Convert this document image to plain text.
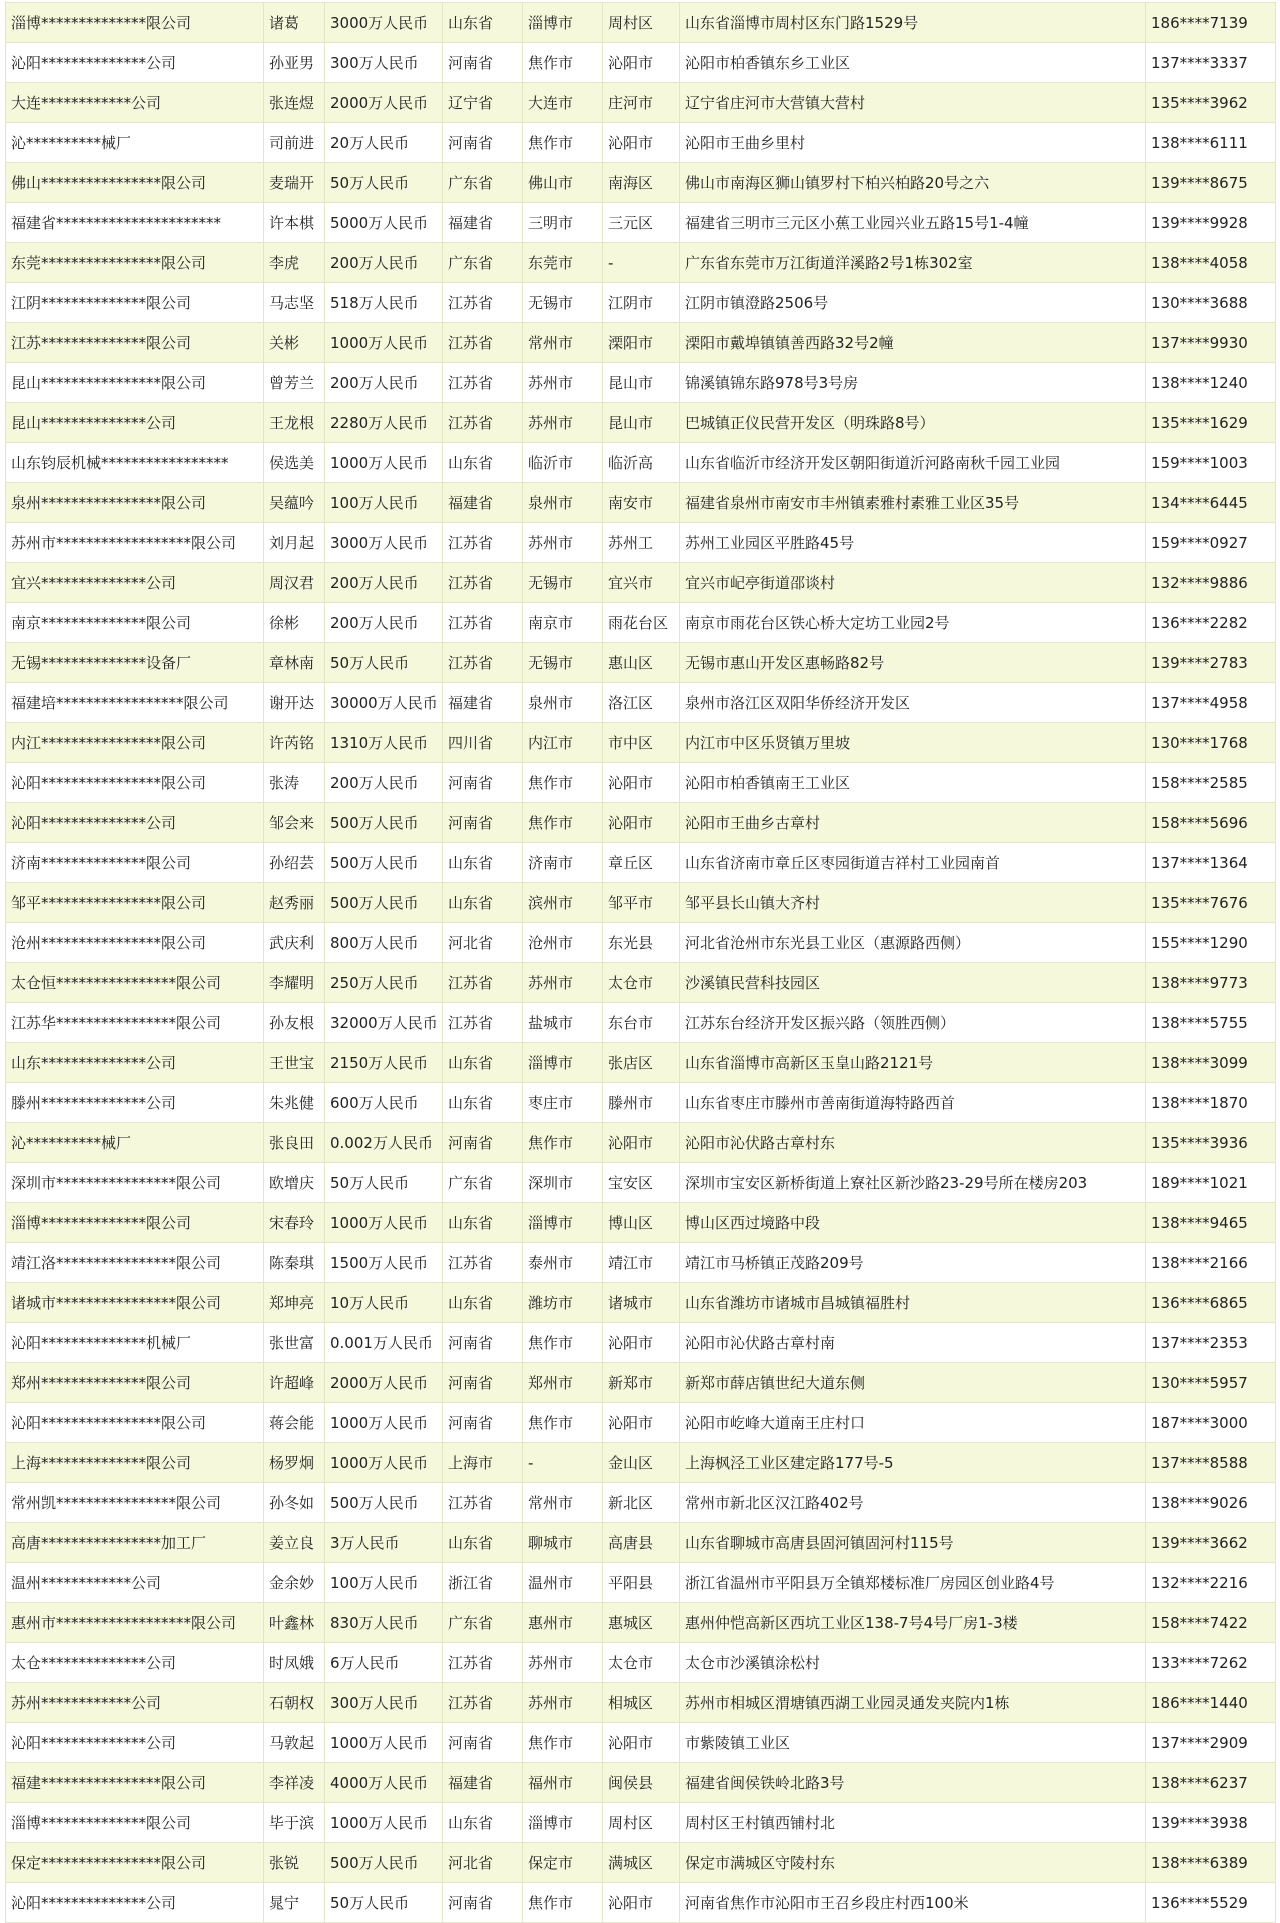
淄博**************限公司	诸葛	3000万人民币	山东省	淄博市	周村区	山东省淄博市周村区东门路1529号	186****7139
沁阳**************公司	孙亚男	300万人民币	河南省	焦作市	沁阳市	沁阳市柏香镇东乡工业区	137****3337
大连************公司	张连煜	2000万人民币	辽宁省	大连市	庄河市	辽宁省庄河市大营镇大营村	135****3962
沁**********械厂	司前进	20万人民币	河南省	焦作市	沁阳市	沁阳市王曲乡里村	138****6111
佛山****************限公司	麦瑞开	50万人民币	广东省	佛山市	南海区	佛山市南海区狮山镇罗村下柏兴柏路20号之六	139****8675
福建省**********************	许本棋	5000万人民币	福建省	三明市	三元区	福建省三明市三元区小蕉工业园兴业五路15号1-4幢	139****9928
东莞****************限公司	李虎	200万人民币	广东省	东莞市	-	广东省东莞市万江街道洋溪路2号1栋302室	138****4058
江阴**************限公司	马志坚	518万人民币	江苏省	无锡市	江阴市	江阴市镇澄路2506号	130****3688
江苏**************限公司	关彬	1000万人民币	江苏省	常州市	溧阳市	溧阳市戴埠镇镇善西路32号2幢	137****9930
昆山****************限公司	曾芳兰	200万人民币	江苏省	苏州市	昆山市	锦溪镇锦东路978号3号房	138****1240
昆山**************公司	王龙根	2280万人民币	江苏省	苏州市	昆山市	巴城镇正仪民营开发区（明珠路8号）	135****1629
山东钧辰机械*****************	侯选美	1000万人民币	山东省	临沂市	临沂高	山东省临沂市经济开发区朝阳街道沂河路南秋千园工业园	159****1003
泉州****************限公司	吴蕴吟	100万人民币	福建省	泉州市	南安市	福建省泉州市南安市丰州镇素雅村素雅工业区35号	134****6445
苏州市******************限公司	刘月起	3000万人民币	江苏省	苏州市	苏州工	苏州工业园区平胜路45号	159****0927
宜兴**************公司	周汉君	200万人民币	江苏省	无锡市	宜兴市	宜兴市屺亭街道邵谈村	132****9886
南京**************限公司	徐彬	200万人民币	江苏省	南京市	雨花台区	南京市雨花台区铁心桥大定坊工业园2号	136****2282
无锡**************设备厂	章林南	50万人民币	江苏省	无锡市	惠山区	无锡市惠山开发区惠畅路82号	139****2783
福建培*****************限公司	谢开达	30000万人民币	福建省	泉州市	洛江区	泉州市洛江区双阳华侨经济开发区	137****4958
内江****************限公司	许芮铭	1310万人民币	四川省	内江市	市中区	内江市中区乐贤镇万里坡	130****1768
沁阳****************限公司	张涛	200万人民币	河南省	焦作市	沁阳市	沁阳市柏香镇南王工业区	158****2585
沁阳**************公司	邹会来	500万人民币	河南省	焦作市	沁阳市	沁阳市王曲乡古章村	158****5696
济南**************限公司	孙绍芸	500万人民币	山东省	济南市	章丘区	山东省济南市章丘区枣园街道吉祥村工业园南首	137****1364
邹平****************限公司	赵秀丽	500万人民币	山东省	滨州市	邹平市	邹平县长山镇大齐村	135****7676
沧州****************限公司	武庆利	800万人民币	河北省	沧州市	东光县	河北省沧州市东光县工业区（惠源路西侧）	155****1290
太仓恒****************限公司	李耀明	250万人民币	江苏省	苏州市	太仓市	沙溪镇民营科技园区	138****9773
江苏华****************限公司	孙友根	32000万人民币	江苏省	盐城市	东台市	江苏东台经济开发区振兴路（领胜西侧）	138****5755
山东**************公司	王世宝	2150万人民币	山东省	淄博市	张店区	山东省淄博市高新区玉皇山路2121号	138****3099
滕州**************公司	朱兆健	600万人民币	山东省	枣庄市	滕州市	山东省枣庄市滕州市善南街道海特路西首	138****1870
沁**********械厂	张良田	0.002万人民币	河南省	焦作市	沁阳市	沁阳市沁伏路古章村东	135****3936
深圳市****************限公司	欧增庆	50万人民币	广东省	深圳市	宝安区	深圳市宝安区新桥街道上寮社区新沙路23-29号所在楼房203	189****1021
淄博**************限公司	宋春玲	1000万人民币	山东省	淄博市	博山区	博山区西过境路中段	138****9465
靖江洛****************限公司	陈秦琪	1500万人民币	江苏省	泰州市	靖江市	靖江市马桥镇正茂路209号	138****2166
诸城市****************限公司	郑坤亮	10万人民币	山东省	潍坊市	诸城市	山东省潍坊市诸城市昌城镇福胜村	136****6865
沁阳**************机械厂	张世富	0.001万人民币	河南省	焦作市	沁阳市	沁阳市沁伏路古章村南	137****2353
郑州**************限公司	许超峰	2000万人民币	河南省	郑州市	新郑市	新郑市薛店镇世纪大道东侧	130****5957
沁阳****************限公司	蒋会能	1000万人民币	河南省	焦作市	沁阳市	沁阳市屹峰大道南王庄村口	187****3000
上海**************限公司	杨罗炯	1000万人民币	上海市	-	金山区	上海枫泾工业区建定路177号-5	137****8588
常州凯****************限公司	孙冬如	500万人民币	江苏省	常州市	新北区	常州市新北区汉江路402号	138****9026
高唐****************加工厂	姜立良	3万人民币	山东省	聊城市	高唐县	山东省聊城市高唐县固河镇固河村115号	139****3662
温州************公司	金余妙	100万人民币	浙江省	温州市	平阳县	浙江省温州市平阳县万全镇郑楼标准厂房园区创业路4号	132****2216
惠州市******************限公司	叶鑫林	830万人民币	广东省	惠州市	惠城区	惠州仲恺高新区西坑工业区138-7号4号厂房1-3楼	158****7422
太仓**************公司	时凤娥	6万人民币	江苏省	苏州市	太仓市	太仓市沙溪镇涂松村	133****7262
苏州************公司	石朝权	300万人民币	江苏省	苏州市	相城区	苏州市相城区渭塘镇西湖工业园灵通发夹院内1栋	186****1440
沁阳**************公司	马敦起	1000万人民币	河南省	焦作市	沁阳市	市紫陵镇工业区	137****2909
福建****************限公司	李祥凌	4000万人民币	福建省	福州市	闽侯县	福建省闽侯铁岭北路3号	138****6237
淄博**************限公司	毕于滨	1000万人民币	山东省	淄博市	周村区	周村区王村镇西铺村北	139****3938
保定****************限公司	张锐	500万人民币	河北省	保定市	满城区	保定市满城区守陵村东	138****6389
沁阳**************公司	晁宁	50万人民币	河南省	焦作市	沁阳市	河南省焦作市沁阳市王召乡段庄村西100米	136****5529
